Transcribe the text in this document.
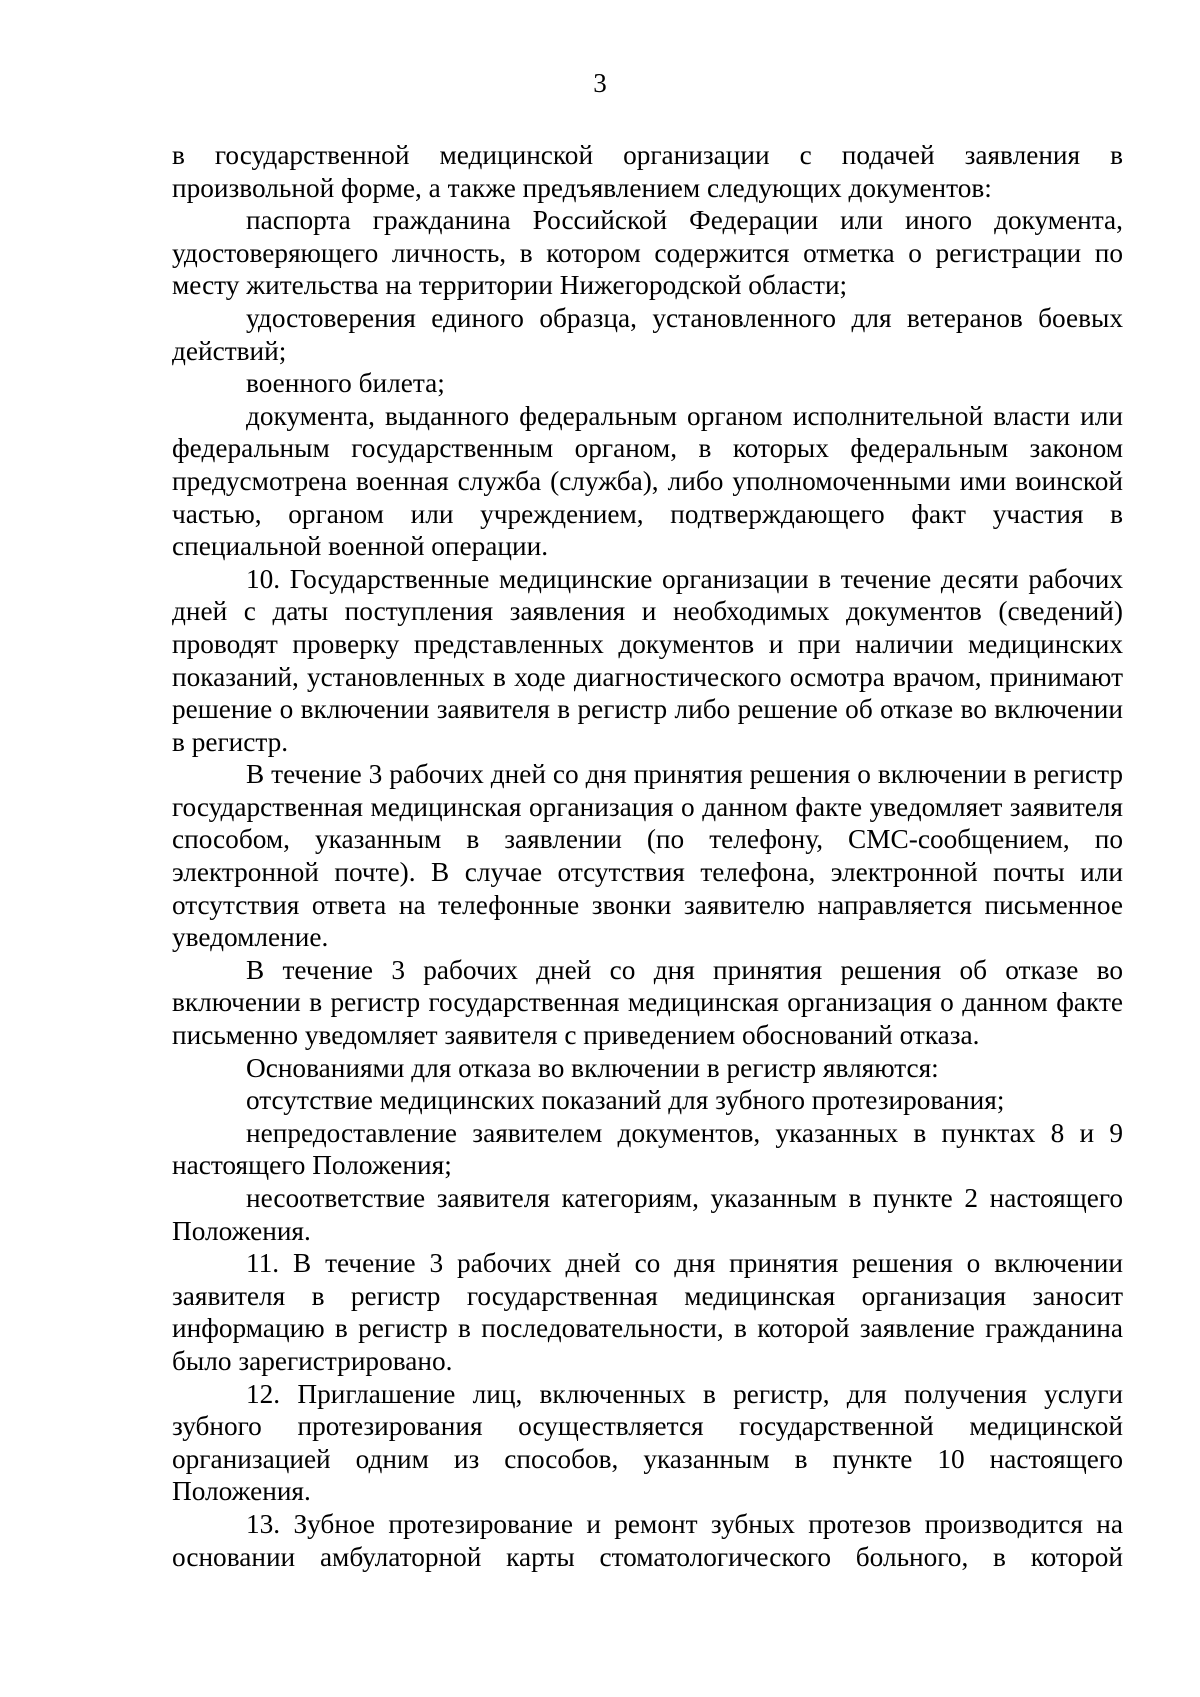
3

в государственной медицинской организации с подачей заявления в произвольной форме, а также предъявлением следующих документов:

паспорта гражданина Российской Федерации или иного документа, удостоверяющего личность, в котором содержится отметка о регистрации по месту жительства на территории Нижегородской области;

удостоверения единого образца, установленного для ветеранов боевых действий;

военного билета;

документа, выданного федеральным органом исполнительной власти или федеральным государственным органом, в которых федеральным законом предусмотрена военная служба (служба), либо уполномоченными ими воинской частью, органом или учреждением, подтверждающего факт участия в специальной военной операции.

10. Государственные медицинские организации в течение десяти рабочих дней с даты поступления заявления и необходимых документов (сведений) проводят проверку представленных документов и при наличии медицинских показаний, установленных в ходе диагностического осмотра врачом, принимают решение о включении заявителя в регистр либо решение об отказе во включении в регистр.

В течение 3 рабочих дней со дня принятия решения о включении в регистр государственная медицинская организация о данном факте уведомляет заявителя способом, указанным в заявлении (по телефону, СМС-сообщением, по электронной почте). В случае отсутствия телефона, электронной почты или отсутствия ответа на телефонные звонки заявителю направляется письменное уведомление.

В течение 3 рабочих дней со дня принятия решения об отказе во включении в регистр государственная медицинская организация о данном факте письменно уведомляет заявителя с приведением обоснований отказа.

Основаниями для отказа во включении в регистр являются:

отсутствие медицинских показаний для зубного протезирования;

непредоставление заявителем документов, указанных в пунктах 8 и 9 настоящего Положения;

несоответствие заявителя категориям, указанным в пункте 2 настоящего Положения.

11. В течение 3 рабочих дней со дня принятия решения о включении заявителя в регистр государственная медицинская организация заносит информацию в регистр в последовательности, в которой заявление гражданина было зарегистрировано.

12. Приглашение лиц, включенных в регистр, для получения услуги зубного протезирования осуществляется государственной медицинской организацией одним из способов, указанным в пункте 10 настоящего Положения.

13. Зубное протезирование и ремонт зубных протезов производится на основании амбулаторной карты стоматологического больного, в которой
